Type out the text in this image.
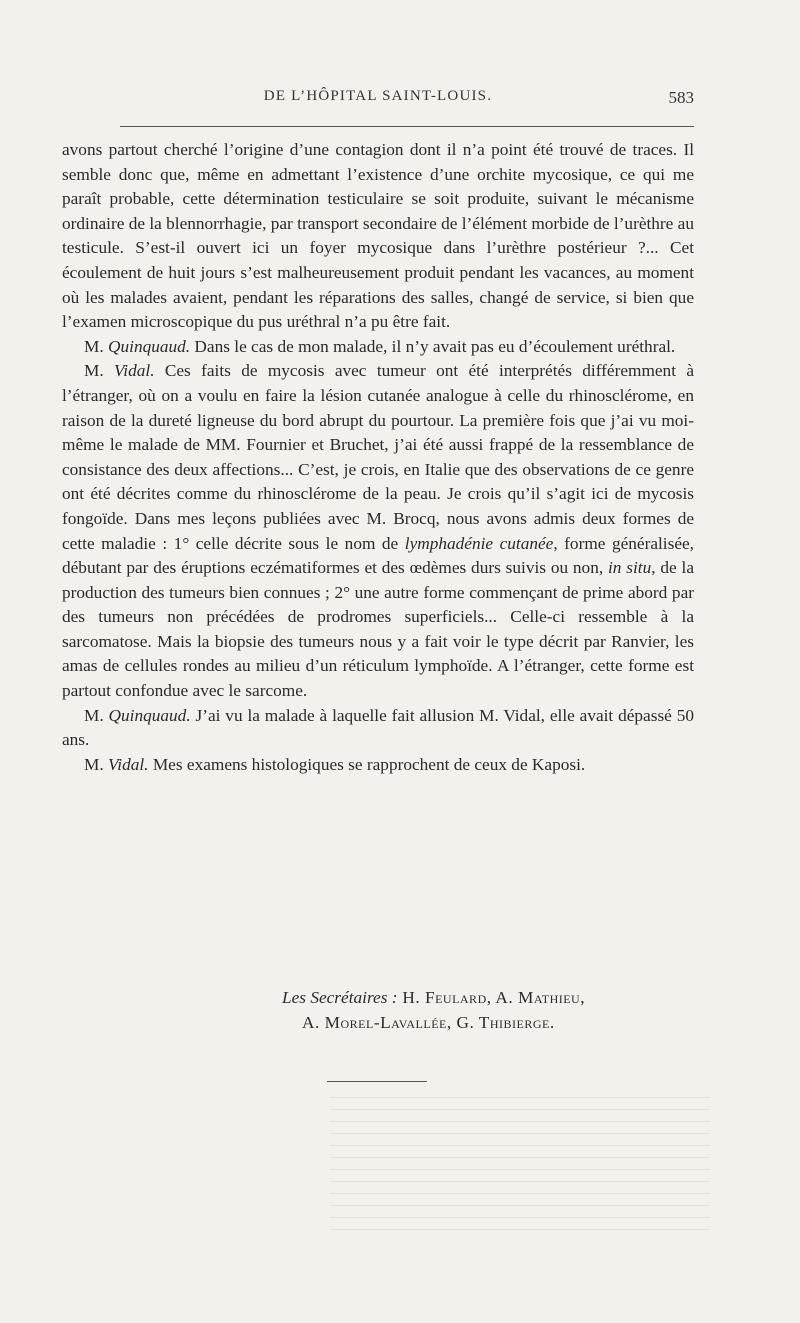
DE L’HÔPITAL SAINT-LOUIS.	583

avons partout cherché l’origine d’une contagion dont il n’a point été trouvé de traces. Il semble donc que, même en admettant l’existence d’une orchite mycosique, ce qui me paraît probable, cette détermination testiculaire se soit produite, suivant le mécanisme ordinaire de la blennorrhagie, par transport secondaire de l’élément morbide de l’urèthre au testicule. S’est-il ouvert ici un foyer mycosique dans l’urèthre postérieur ?... Cet écoulement de huit jours s’est malheureusement produit pendant les vacances, au moment où les malades avaient, pendant les réparations des salles, changé de service, si bien que l’examen microscopique du pus uréthral n’a pu être fait.

M. Quinquaud. Dans le cas de mon malade, il n’y avait pas eu d’écoulement uréthral.

M. Vidal. Ces faits de mycosis avec tumeur ont été interprétés différemment à l’étranger, où on a voulu en faire la lésion cutanée analogue à celle du rhinosclérome, en raison de la dureté ligneuse du bord abrupt du pourtour. La première fois que j’ai vu moi-même le malade de MM. Fournier et Bruchet, j’ai été aussi frappé de la ressemblance de consistance des deux affections... C’est, je crois, en Italie que des observations de ce genre ont été décrites comme du rhinosclérome de la peau. Je crois qu’il s’agit ici de mycosis fongoïde. Dans mes leçons publiées avec M. Brocq, nous avons admis deux formes de cette maladie : 1° celle décrite sous le nom de lymphadénie cutanée, forme généralisée, débutant par des éruptions eczématiformes et des œdèmes durs suivis ou non, in situ, de la production des tumeurs bien connues ; 2° une autre forme commençant de prime abord par des tumeurs non précédées de prodromes superficiels... Celle-ci ressemble à la sarcomatose. Mais la biopsie des tumeurs nous y a fait voir le type décrit par Ranvier, les amas de cellules rondes au milieu d’un réticulum lymphoïde. A l’étranger, cette forme est partout confondue avec le sarcome.

M. Quinquaud. J’ai vu la malade à laquelle fait allusion M. Vidal, elle avait dépassé 50 ans.

M. Vidal. Mes examens histologiques se rapprochent de ceux de Kaposi.

Les Secrétaires : H. Feulard, A. Mathieu,
A. Morel-Lavallée, G. Thibierge.
